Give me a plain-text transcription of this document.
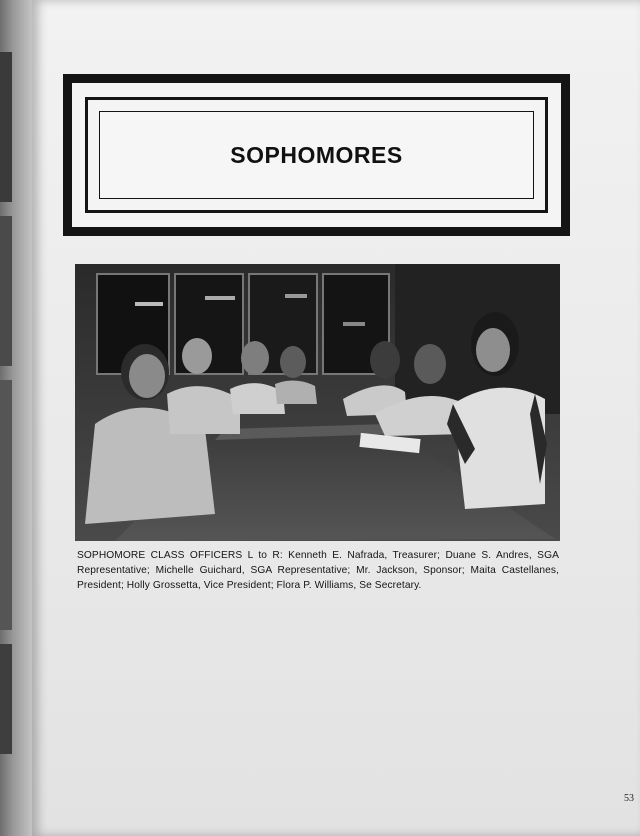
SOPHOMORES
SOPHOMORE CLASS OFFICERS L to R: Kenneth E. Nafrada, Treasurer; Duane S. Andres, SGA Representative; Michelle Guichard, SGA Representative; Mr. Jackson, Sponsor; Maita Castellanes, President; Holly Grossetta, Vice President; Flora P. Williams, Se Secretary.
53
